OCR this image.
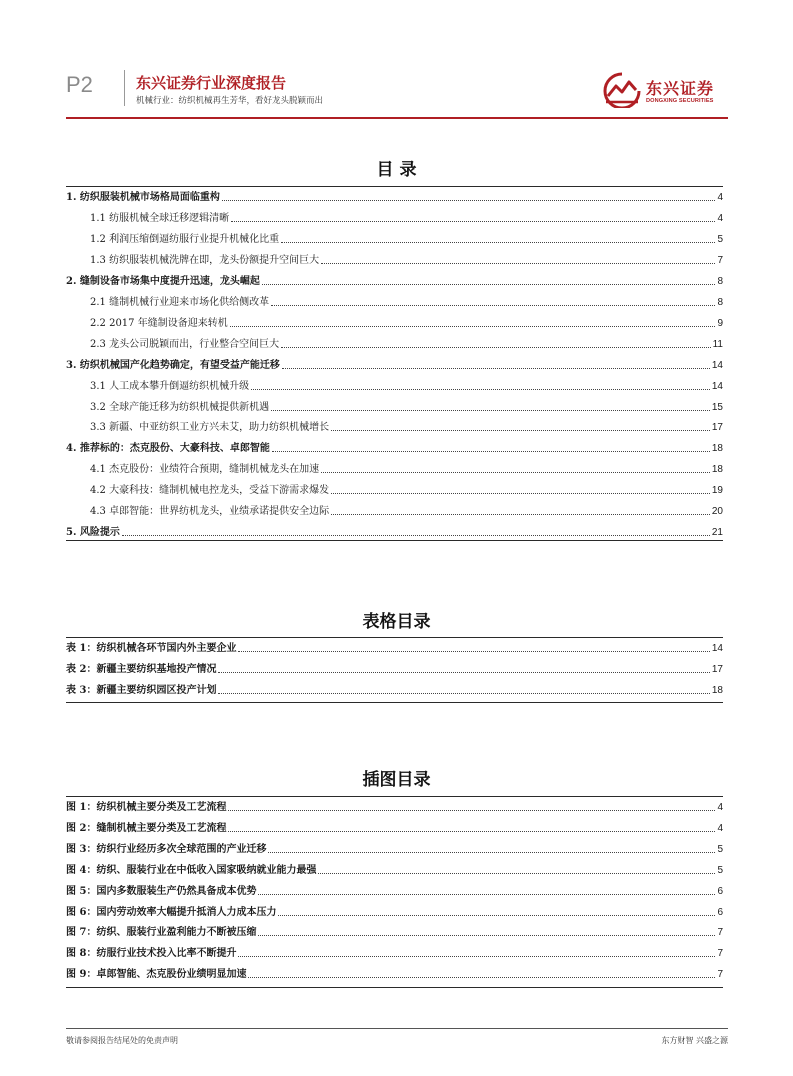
P2	东兴证券行业深度报告
机械行业：纺织机械再生芳华，看好龙头脱颖而出
东兴证券
DONGXING SECURITIES
目 录
1. 纺织服装机械市场格局面临重构	4
1.1 纺服机械全球迁移逻辑清晰	4
1.2 利润压缩倒逼纺服行业提升机械化比重	5
1.3 纺织服装机械洗牌在即，龙头份额提升空间巨大	7
2. 缝制设备市场集中度提升迅速，龙头崛起	8
2.1 缝制机械行业迎来市场化供给侧改革	8
2.2 2017 年缝制设备迎来转机	9
2.3 龙头公司脱颖而出，行业整合空间巨大	11
3. 纺织机械国产化趋势确定，有望受益产能迁移	14
3.1 人工成本攀升倒逼纺织机械升级	14
3.2 全球产能迁移为纺织机械提供新机遇	15
3.3 新疆、中亚纺织工业方兴未艾，助力纺织机械增长	17
4. 推荐标的：杰克股份、大豪科技、卓郎智能	18
4.1 杰克股份：业绩符合预期，缝制机械龙头在加速	18
4.2 大豪科技：缝制机械电控龙头，受益下游需求爆发	19
4.3 卓郎智能：世界纺机龙头，业绩承诺提供安全边际	20
5. 风险提示	21
表格目录
表 1：纺织机械各环节国内外主要企业	14
表 2：新疆主要纺织基地投产情况	17
表 3：新疆主要纺织园区投产计划	18
插图目录
图 1：纺织机械主要分类及工艺流程	4
图 2：缝制机械主要分类及工艺流程	4
图 3：纺织行业经历多次全球范围的产业迁移	5
图 4：纺织、服装行业在中低收入国家吸纳就业能力最强	5
图 5：国内多数服装生产仍然具备成本优势	6
图 6：国内劳动效率大幅提升抵消人力成本压力	6
图 7：纺织、服装行业盈利能力不断被压缩	7
图 8：纺服行业技术投入比率不断提升	7
图 9：卓郎智能、杰克股份业绩明显加速	7
敬请参阅报告结尾处的免责声明	东方财智 兴盛之源
